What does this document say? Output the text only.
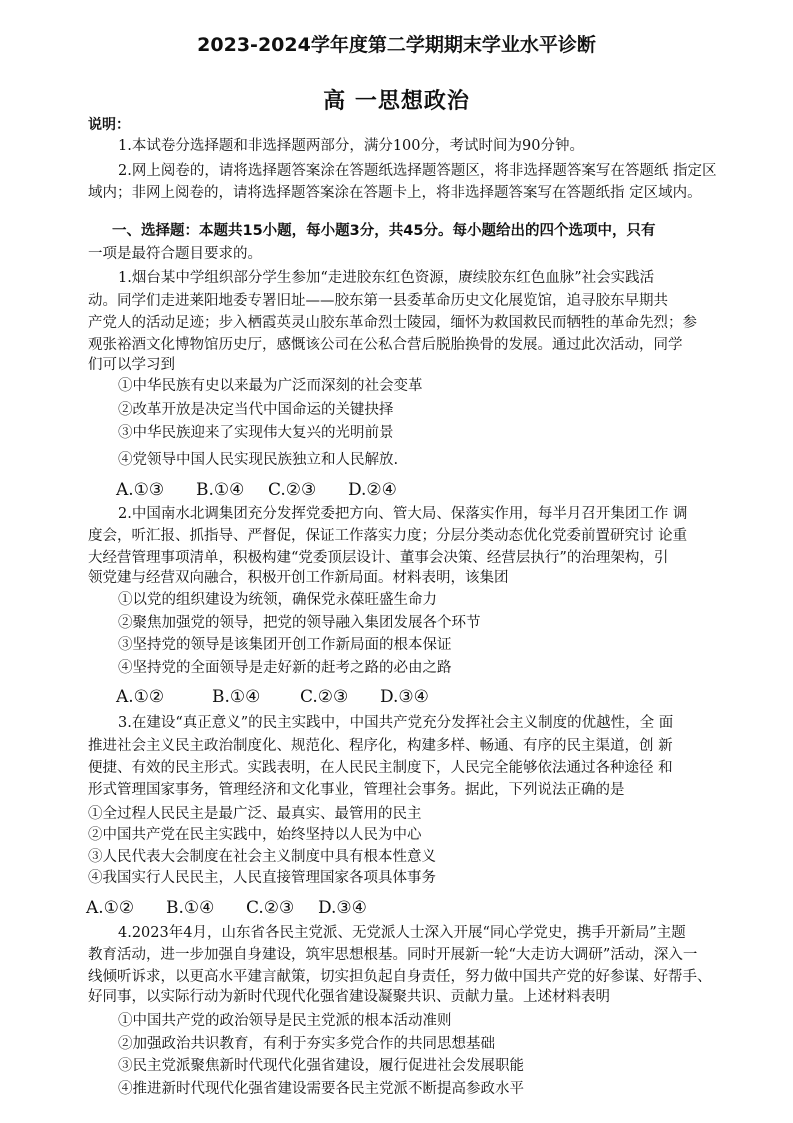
2023-2024学年度第二学期期末学业水平诊断
高 一思想政治
说明：
1.本试卷分选择题和非选择题两部分，满分100分，考试时间为90分钟。
2.网上阅卷的，请将选择题答案涂在答题纸选择题答题区，将非选择题答案写在答题纸 指定区
域内；非网上阅卷的，请将选择题答案涂在答题卡上，将非选择题答案写在答题纸指 定区域内。
一、选择题：本题共15小题，每小题3分，共45分。每小题给出的四个选项中，只有
一项是最符合题目要求的。
1.烟台某中学组织部分学生参加“走进胶东红色资源，赓续胶东红色血脉”社会实践活
动。同学们走进莱阳地委专署旧址——胶东第一县委革命历史文化展览馆，追寻胶东早期共
产党人的活动足迹；步入栖霞英灵山胶东革命烈士陵园，缅怀为救国救民而牺牲的革命先烈；参
观张裕酒文化博物馆历史厅，感慨该公司在公私合营后脱胎换骨的发展。通过此次活动，同学
们可以学习到
①中华民族有史以来最为广泛而深刻的社会变革
②改革开放是决定当代中国命运的关键抉择
③中华民族迎来了实现伟大复兴的光明前景
④党领导中国人民实现民族独立和人民解放.
A.①③ B.①④ C.②③ D.②④
2.中国南水北调集团充分发挥党委把方向、管大局、保落实作用，每半月召开集团工作 调
度会，听汇报、抓指导、严督促，保证工作落实力度；分层分类动态优化党委前置研究讨 论重
大经营管理事项清单，积极构建“党委顶层设计、董事会决策、经营层执行”的治理架构，引
领党建与经营双向融合，积极开创工作新局面。材料表明，该集团
①以党的组织建设为统领，确保党永葆旺盛生命力
②聚焦加强党的领导，把党的领导融入集团发展各个环节
③坚持党的领导是该集团开创工作新局面的根本保证
④坚持党的全面领导是走好新的赶考之路的必由之路
A.①②	B.①④ C.②③ D.③④
3.在建设“真正意义”的民主实践中，中国共产党充分发挥社会主义制度的优越性，全 面
推进社会主义民主政治制度化、规范化、程序化，构建多样、畅通、有序的民主渠道，创 新
便捷、有效的民主形式。实践表明，在人民民主制度下，人民完全能够依法通过各种途径 和
形式管理国家事务，管理经济和文化事业，管理社会事务。据此，下列说法正确的是
①全过程人民民主是最广泛、最真实、最管用的民主
②中国共产党在民主实践中，始终坚持以人民为中心
③人民代表大会制度在社会主义制度中具有根本性意义
④我国实行人民民主，人民直接管理国家各项具体事务
A.①② B.①④ C.②③ D.③④
4.2023年4月，山东省各民主党派、无党派人士深入开展“同心学党史，携手开新局”主题
教育活动，进一步加强自身建设，筑牢思想根基。同时开展新一轮“大走访大调研”活动，深入一
线倾听诉求，以更高水平建言献策，切实担负起自身责任，努力做中国共产党的好参谋、好帮手、
好同事，以实际行动为新时代现代化强省建设凝聚共识、贡献力量。上述材料表明
①中国共产党的政治领导是民主党派的根本活动准则
②加强政治共识教育，有利于夯实多党合作的共同思想基础
③民主党派聚焦新时代现代化强省建设，履行促进社会发展职能
④推进新时代现代化强省建设需要各民主党派不断提高参政水平
